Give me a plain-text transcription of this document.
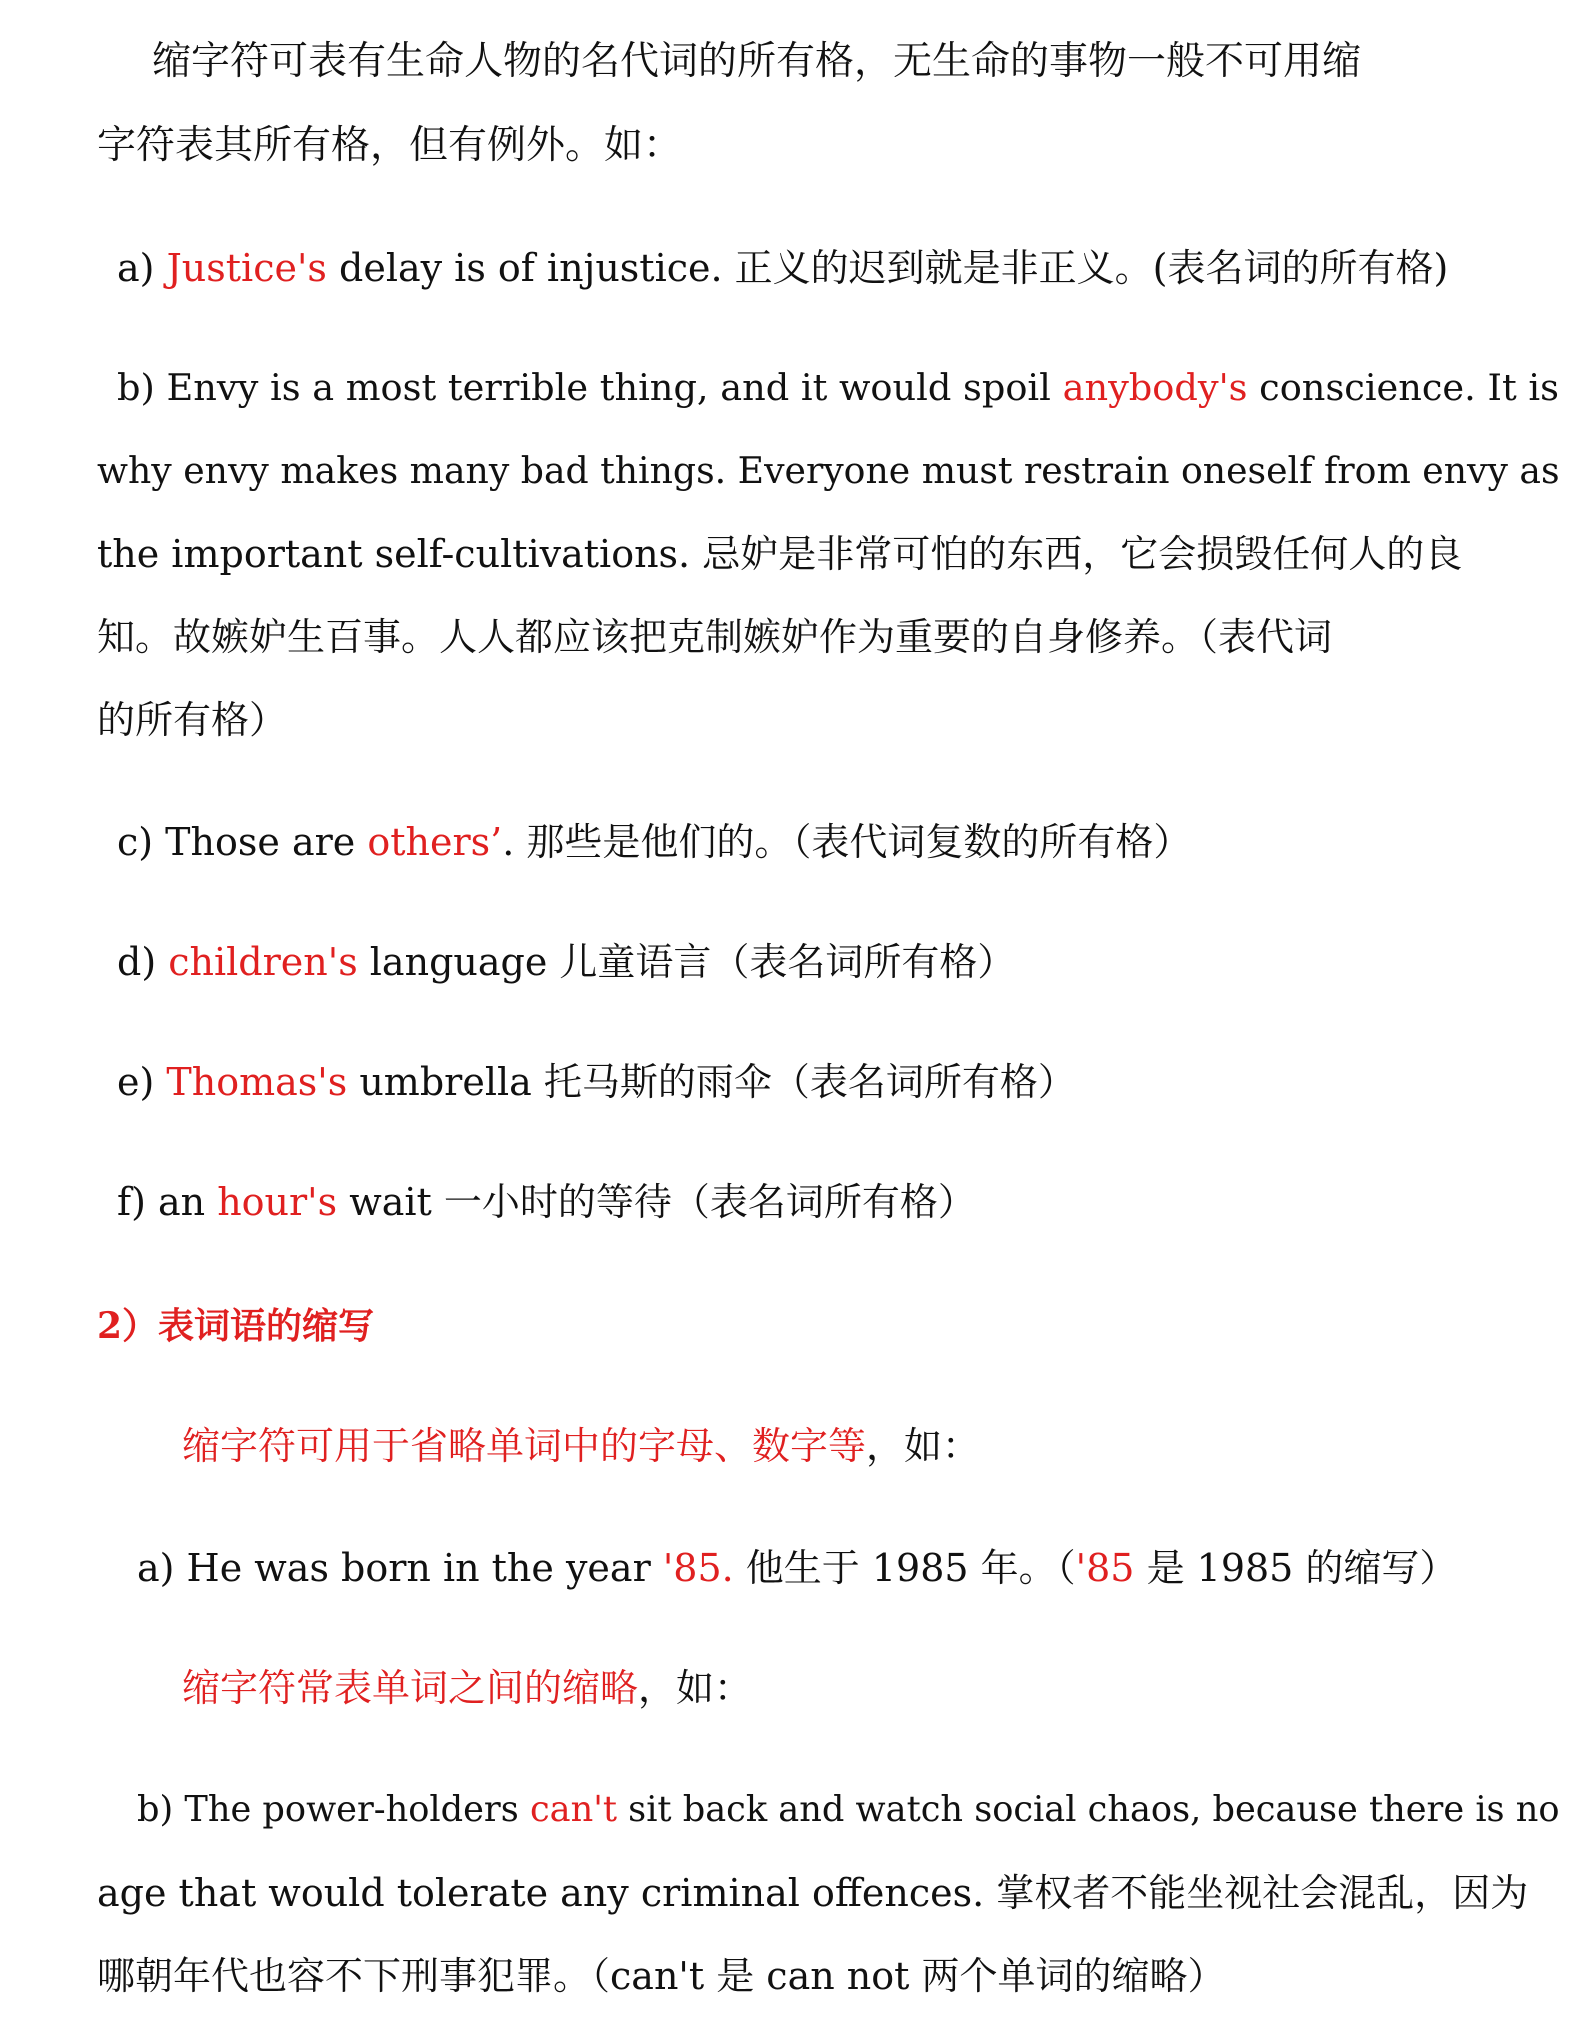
缩字符可表有生命人物的名代词的所有格，无生命的事物一般不可用缩
字符表其所有格，但有例外。如：
a) Justice's delay is of injustice. 正义的迟到就是非正义。(表名词的所有格)
b) Envy is a most terrible thing, and it would spoil anybody's conscience. It is
why envy makes many bad things. Everyone must restrain oneself from envy as
the important self-cultivations. 忌妒是非常可怕的东西，它会损毁任何人的良
知。故嫉妒生百事。人人都应该把克制嫉妒作为重要的自身修养。（表代词
的所有格）
c) Those are others’. 那些是他们的。（表代词复数的所有格）
d) children's language 儿童语言（表名词所有格）
e) Thomas's umbrella 托马斯的雨伞（表名词所有格）
f) an hour's wait 一小时的等待（表名词所有格）
2）表词语的缩写
缩字符可用于省略单词中的字母、数字等，如：
a) He was born in the year '85. 他生于 1985 年。（'85 是 1985 的缩写）
缩字符常表单词之间的缩略，如：
b) The power-holders can't sit back and watch social chaos, because there is no
age that would tolerate any criminal offences. 掌权者不能坐视社会混乱，因为
哪朝年代也容不下刑事犯罪。（can't 是 can not 两个单词的缩略）
